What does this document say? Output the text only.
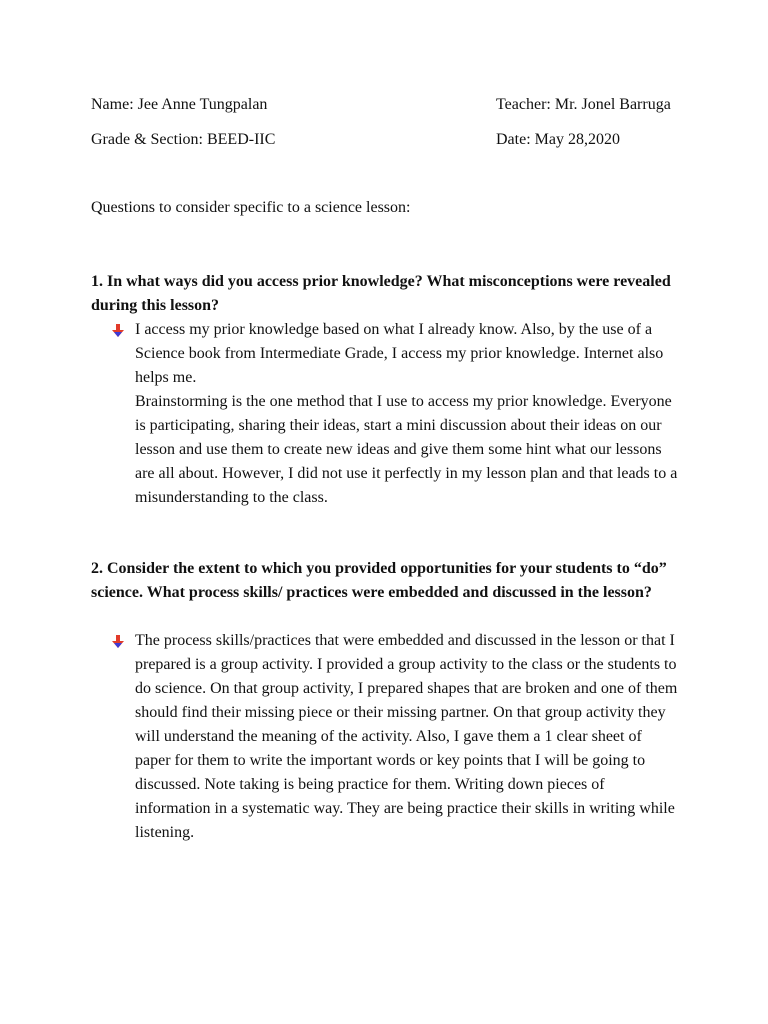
Name: Jee Anne Tungpalan	Teacher: Mr. Jonel Barruga
Grade & Section: BEED-IIC	Date: May 28,2020
Questions to consider specific to a science lesson:
1. In what ways did you access prior knowledge? What misconceptions were revealed during this lesson?

I access my prior knowledge based on what I already know. Also, by the use of a Science book from Intermediate Grade, I access my prior knowledge. Internet also helps me.

Brainstorming is the one method that I use to access my prior knowledge. Everyone is participating, sharing their ideas, start a mini discussion about their ideas on our lesson and use them to create new ideas and give them some hint what our lessons are all about. However, I did not use it perfectly in my lesson plan and that leads to a misunderstanding to the class.

2. Consider the extent to which you provided opportunities for your students to “do” science. What process skills/ practices were embedded and discussed in the lesson?

The process skills/practices that were embedded and discussed in the lesson or that I prepared is a group activity. I provided a group activity to the class or the students to do science. On that group activity, I prepared shapes that are broken and one of them should find their missing piece or their missing partner. On that group activity they will understand the meaning of the activity. Also, I gave them a 1 clear sheet of paper for them to write the important words or key points that I will be going to discussed. Note taking is being practice for them. Writing down pieces of information in a systematic way. They are being practice their skills in writing while listening.
